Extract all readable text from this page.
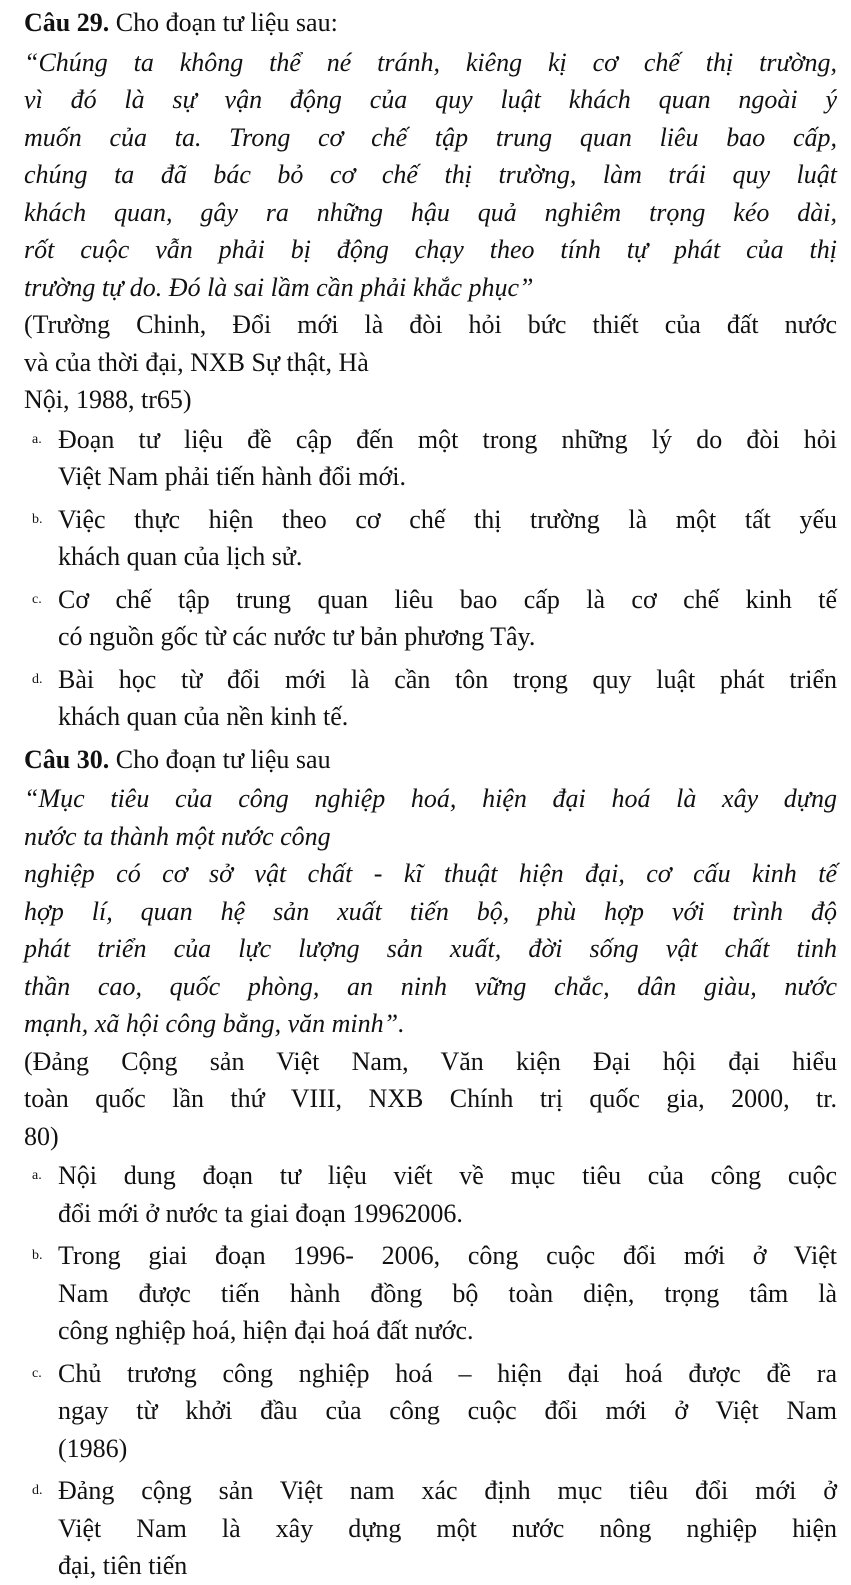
Câu 29. Cho đoạn tư liệu sau:
“Chúng ta không thể né tránh, kiêng kị cơ chế thị trường,
vì đó là sự vận động của quy luật khách quan ngoài ý
muốn của ta. Trong cơ chế tập trung quan liêu bao cấp,
chúng ta đã bác bỏ cơ chế thị trường, làm trái quy luật
khách quan, gây ra những hậu quả nghiêm trọng kéo dài,
rốt cuộc vẫn phải bị động chạy theo tính tự phát của thị
trường tự do. Đó là sai lầm cần phải khắc phục”
(Trường Chinh, Đổi mới là đòi hỏi bức thiết của đất nước
và của thời đại, NXB Sự thật, Hà
Nội, 1988, tr65)
a. Đoạn tư liệu đề cập đến một trong những lý do đòi hỏi
Việt Nam phải tiến hành đổi mới.
b. Việc thực hiện theo cơ chế thị trường là một tất yếu
khách quan của lịch sử.
c. Cơ chế tập trung quan liêu bao cấp là cơ chế kinh tế
có nguồn gốc từ các nước tư bản phương Tây.
d. Bài học từ đổi mới là cần tôn trọng quy luật phát triển
khách quan của nền kinh tế.
Câu 30. Cho đoạn tư liệu sau
“Mục tiêu của công nghiệp hoá, hiện đại hoá là xây dựng
nước ta thành một nước công
nghiệp có cơ sở vật chất - kĩ thuật hiện đại, cơ cấu kinh tế
hợp lí, quan hệ sản xuất tiến bộ, phù hợp với trình độ
phát triển của lực lượng sản xuất, đời sống vật chất tinh
thần cao, quốc phòng, an ninh vững chắc, dân giàu, nước
mạnh, xã hội công bằng, văn minh”.
(Đảng Cộng sản Việt Nam, Văn kiện Đại hội đại hiểu
toàn quốc lần thứ VIII, NXB Chính trị quốc gia, 2000, tr.
80)
a. Nội dung đoạn tư liệu viết về mục tiêu của công cuộc
đổi mới ở nước ta giai đoạn 19962006.
b. Trong giai đoạn 1996- 2006, công cuộc đổi mới ở Việt
Nam được tiến hành đồng bộ toàn diện, trọng tâm là
công nghiệp hoá, hiện đại hoá đất nước.
c. Chủ trương công nghiệp hoá – hiện đại hoá được đề ra
ngay từ khởi đầu của công cuộc đổi mới ở Việt Nam
(1986)
d. Đảng cộng sản Việt nam xác định mục tiêu đổi mới ở
Việt Nam là xây dựng một nước nông nghiệp hiện
đại, tiên tiến
